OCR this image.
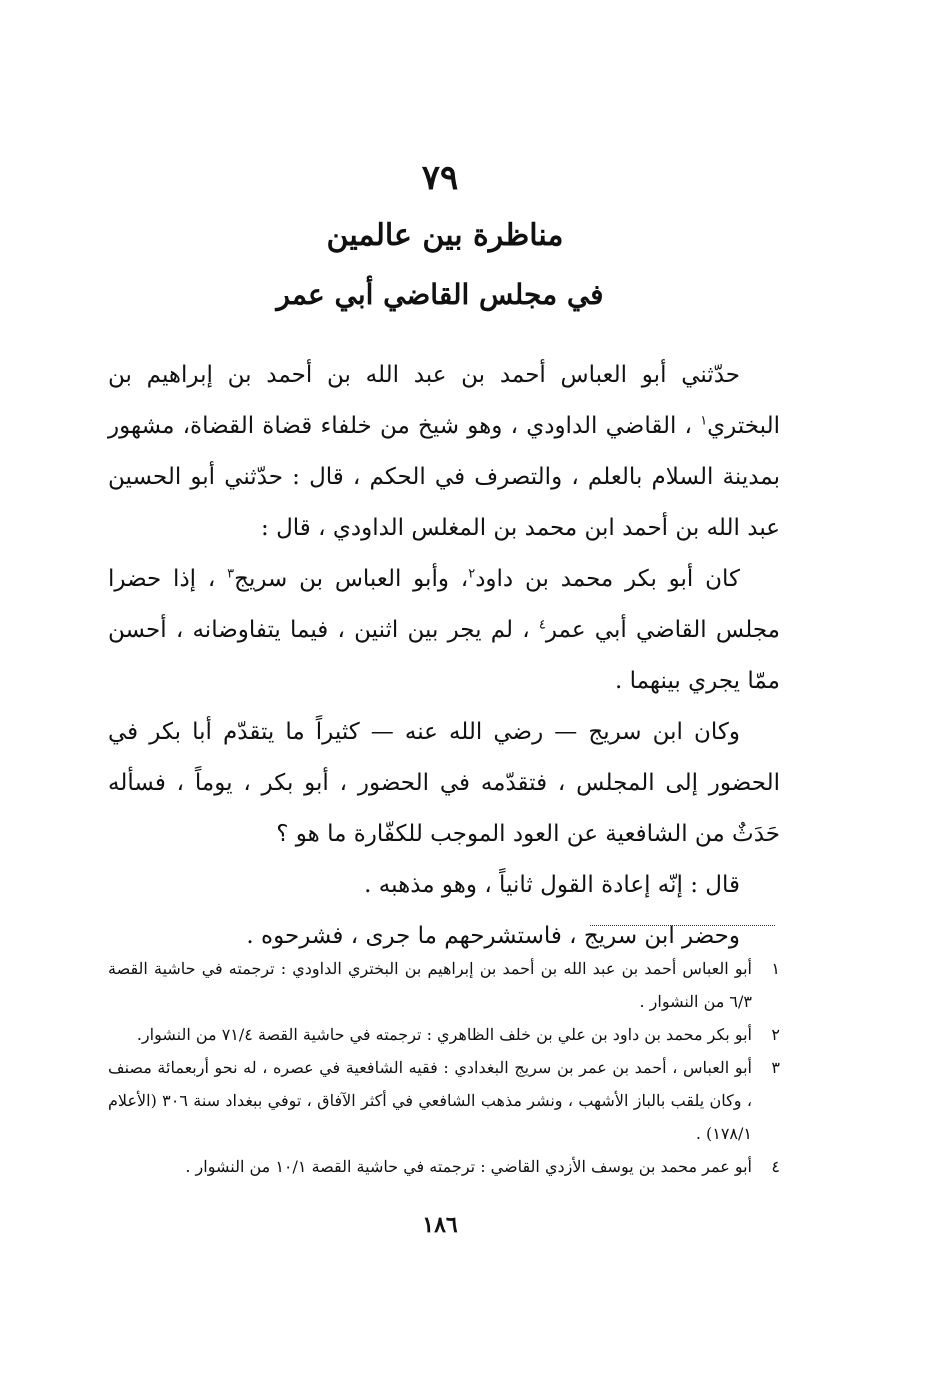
٧٩
مناظرة بين عالمين
في مجلس القاضي أبي عمر

حدّثني أبو العباس أحمد بن عبد الله بن أحمد بن إبراهيم بن البختري$^١$ ، القاضي الداودي ، وهو شيخ من خلفاء قضاة القضاة، مشهور بمدينة السلام بالعلم ، والتصرف في الحكم ، قال : حدّثني أبو الحسين عبد الله بن أحمد ابن محمد بن المغلس الداودي ، قال :

كان أبو بكر محمد بن داود$^٢$، وأبو العباس بن سريج$^٣$ ، إذا حضرا مجلس القاضي أبي عمر$^٤$ ، لم يجر بين اثنين ، فيما يتفاوضانه ، أحسن ممّا يجري بينهما .

وكان ابن سريج — رضي الله عنه — كثيراً ما يتقدّم أبا بكر في الحضور إلى المجلس ، فتقدّمه في الحضور ، أبو بكر ، يوماً ، فسأله حَدَثٌ من الشافعية عن العود الموجب للكفّارة ما هو ؟

قال : إنّه إعادة القول ثانياً ، وهو مذهبه .

وحضر ابن سريج ، فاستشرحهم ما جرى ، فشرحوه .

١
أبو العباس أحمد بن عبد الله بن أحمد بن إبراهيم بن البختري الداودي : ترجمته في حاشية القصة ٦/٣ من النشوار .
٢
أبو بكر محمد بن داود بن علي بن خلف الظاهري : ترجمته في حاشية القصة ٧١/٤ من النشوار.
٣
أبو العباس ، أحمد بن عمر بن سريج البغدادي : فقيه الشافعية في عصره ، له نحو أربعمائة مصنف ، وكان يلقب بالباز الأشهب ، ونشر مذهب الشافعي في أكثر الآفاق ، توفي ببغداد سنة ٣٠٦ (الأعلام ١٧٨/١) .
٤
أبو عمر محمد بن يوسف الأزدي القاضي : ترجمته في حاشية القصة ١٠/١ من النشوار .
١٨٦
